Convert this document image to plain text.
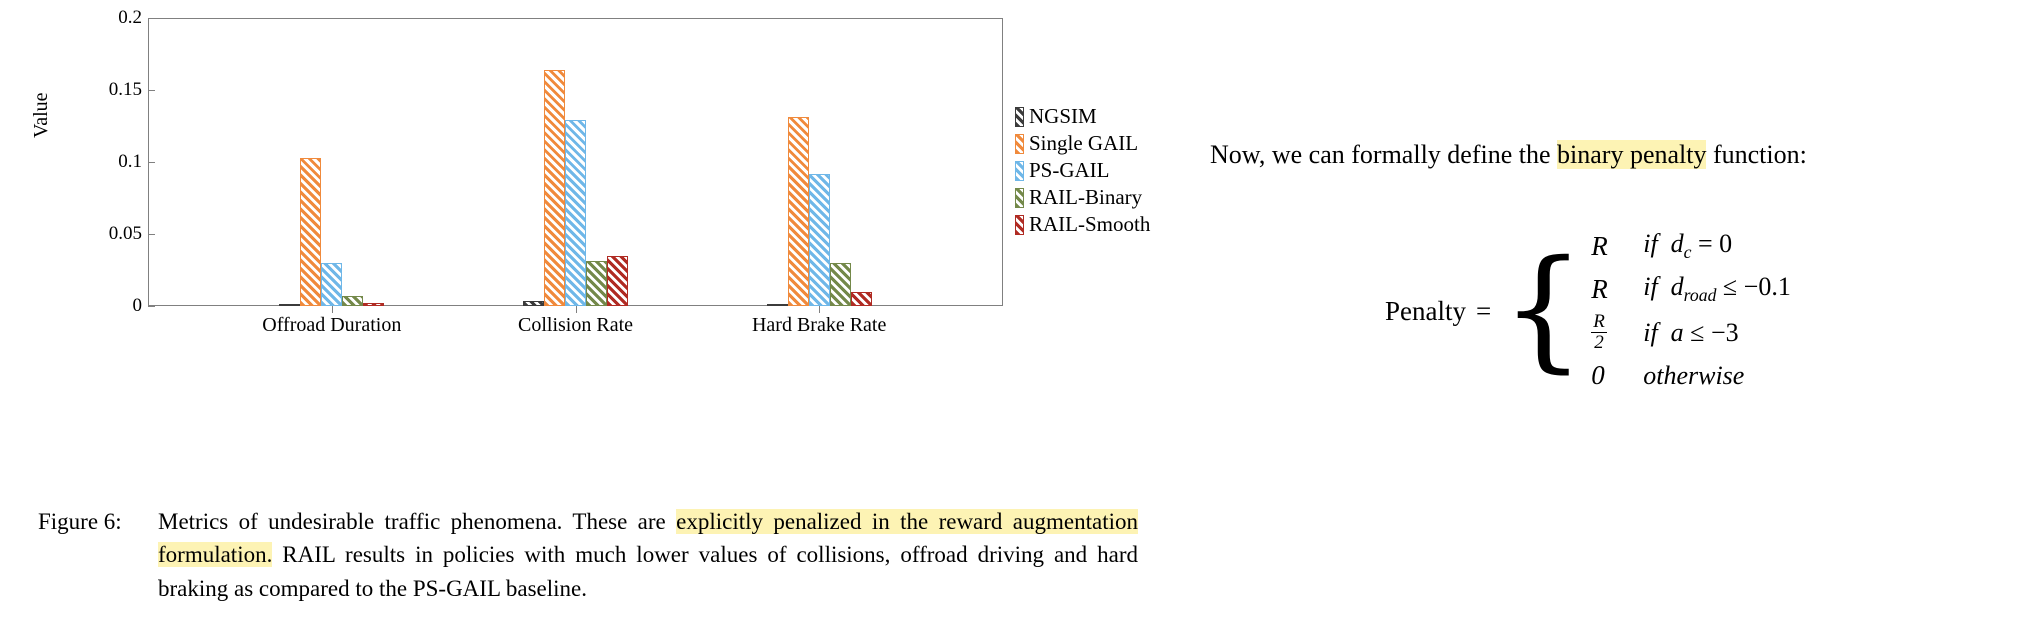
Value
0
0.05
0.1
0.15
0.2
Offroad Duration	Collision Rate	Hard Brake Rate
NGSIM
Single GAIL
PS-GAIL
RAIL-Binary
RAIL-Smooth
Figure 6:	Metrics of undesirable traffic phenomena. These are explicitly penalized in the reward augmentation formulation. RAIL results in policies with much lower values of collisions, offroad driving and hard braking as compared to the PS-GAIL baseline.
Now, we can formally define the binary penalty function:
Penalty = { R	if $d_c = 0$
R	if $d_{road} \le -0.1$
$\frac{R}{2}$ if a ≤ −3
0	otherwise
